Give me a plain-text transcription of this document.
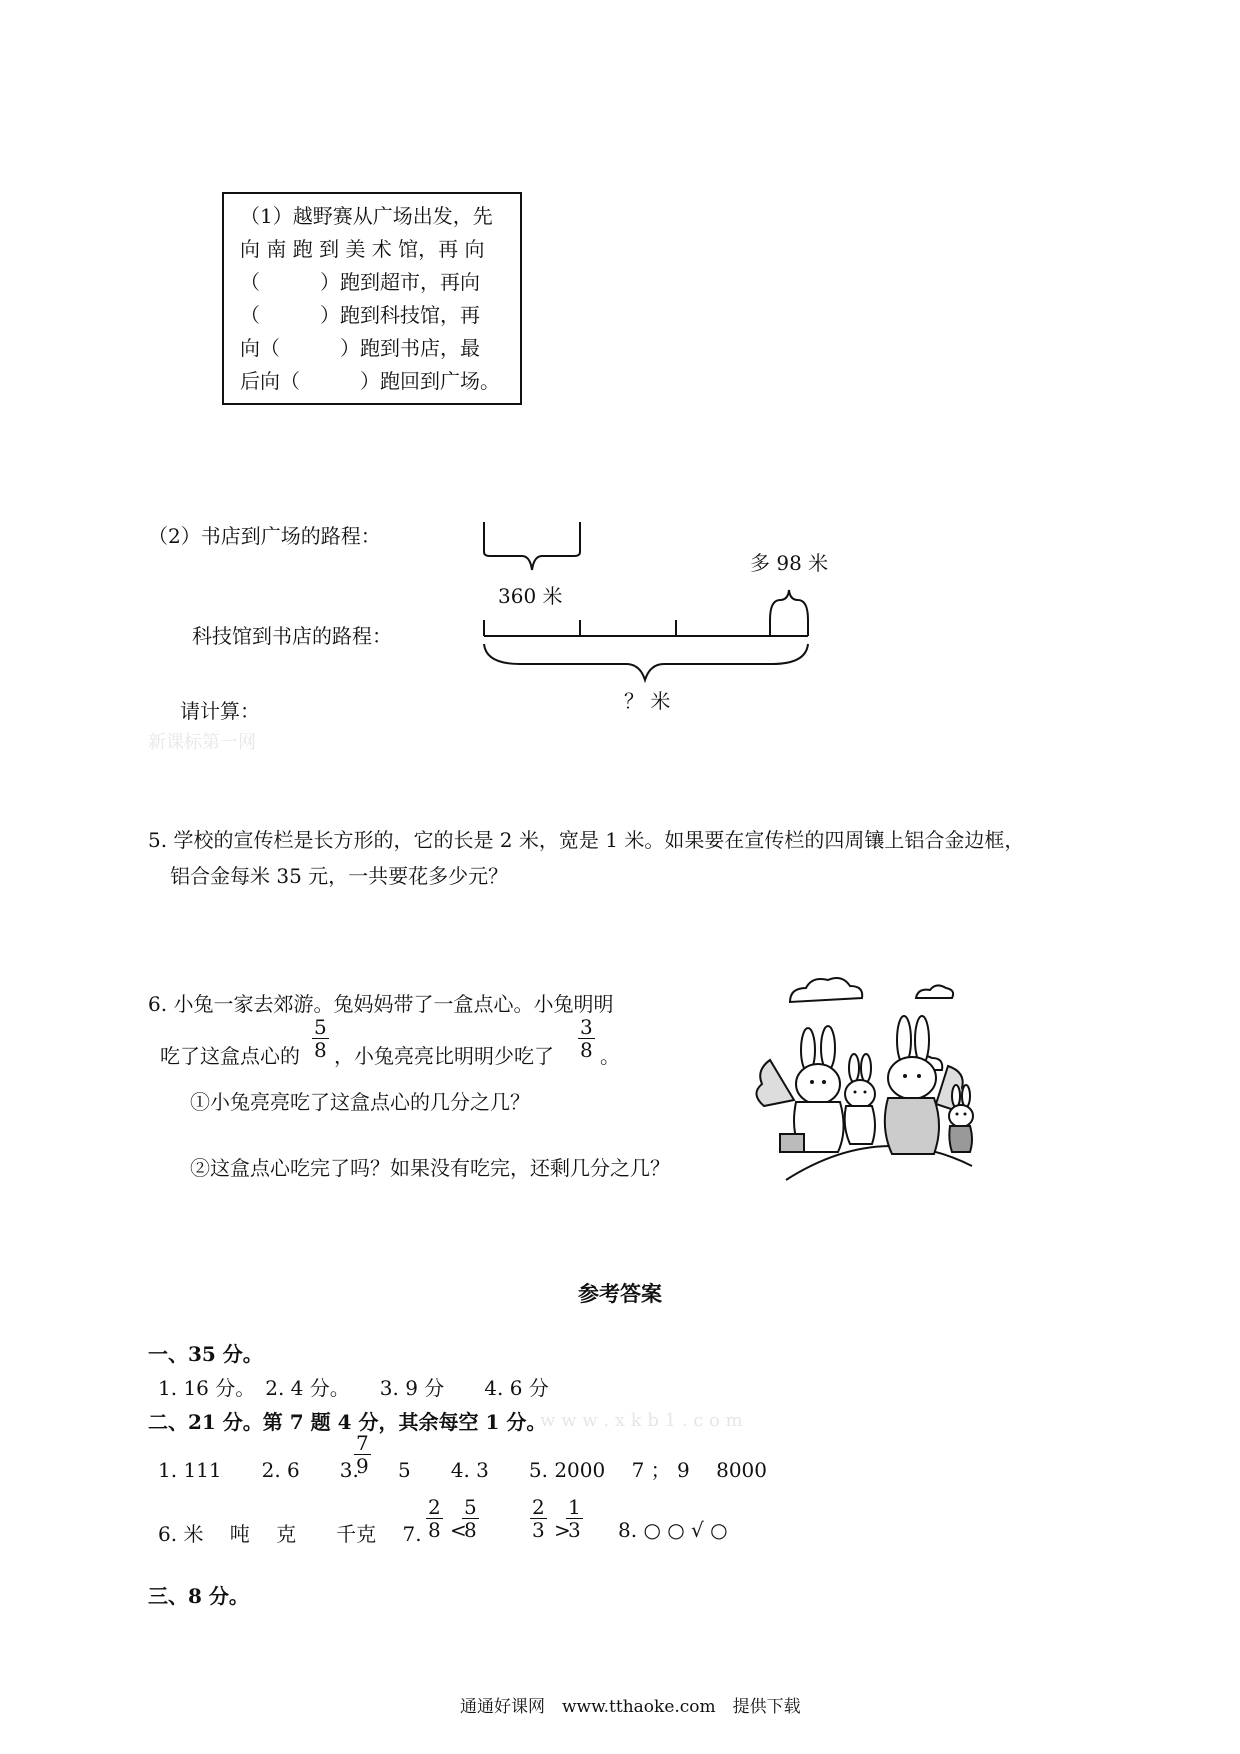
（1）越野赛从广场出发，先
向 南 跑 到 美 术 馆，再 向
（　　　）跑到超市，再向
（　　　）跑到科技馆，再
向（　　　）跑到书店，最
后向（　　　）跑回到广场。
（2）书店到广场的路程：
科技馆到书店的路程：
360 米
多 98 米
？ 米
请计算：
新课标第一网
5. 学校的宣传栏是长方形的，它的长是 2 米，宽是 1 米。如果要在宣传栏的四周镶上铝合金边框，
铝合金每米 35 元，一共要花多少元？
6. 小兔一家去郊游。兔妈妈带了一盒点心。小兔明明
吃了这盒点心的 $\frac{5}{8}$ ，小兔亮亮比明明少吃了 $\frac{3}{8}$ 。
①小兔亮亮吃了这盒点心的几分之几？
②这盒点心吃完了吗？如果没有吃完，还剩几分之几？
参考答案
一、35 分。
1. 16 分。　2. 4 分。　　3. 9 分　　4. 6 分
二、21 分。第 7 题 4 分，其余每空 1 分。
w w w . x k b 1 . c o m
1. 111　　2. 6　　3.
$\frac{7}{9} 5$　　4. 3　　5. 2000　 7 ； 9　 8000
6. 米　 吨　 克　　千克　 7. $\frac{2}{8}$ <
$\frac{5}{8}$	$\frac{2}{3}$ >
$\frac{1}{3} 8$. ○ ○ √ ○
三、8 分。
通通好课网　www.tthaoke.com　提供下载
